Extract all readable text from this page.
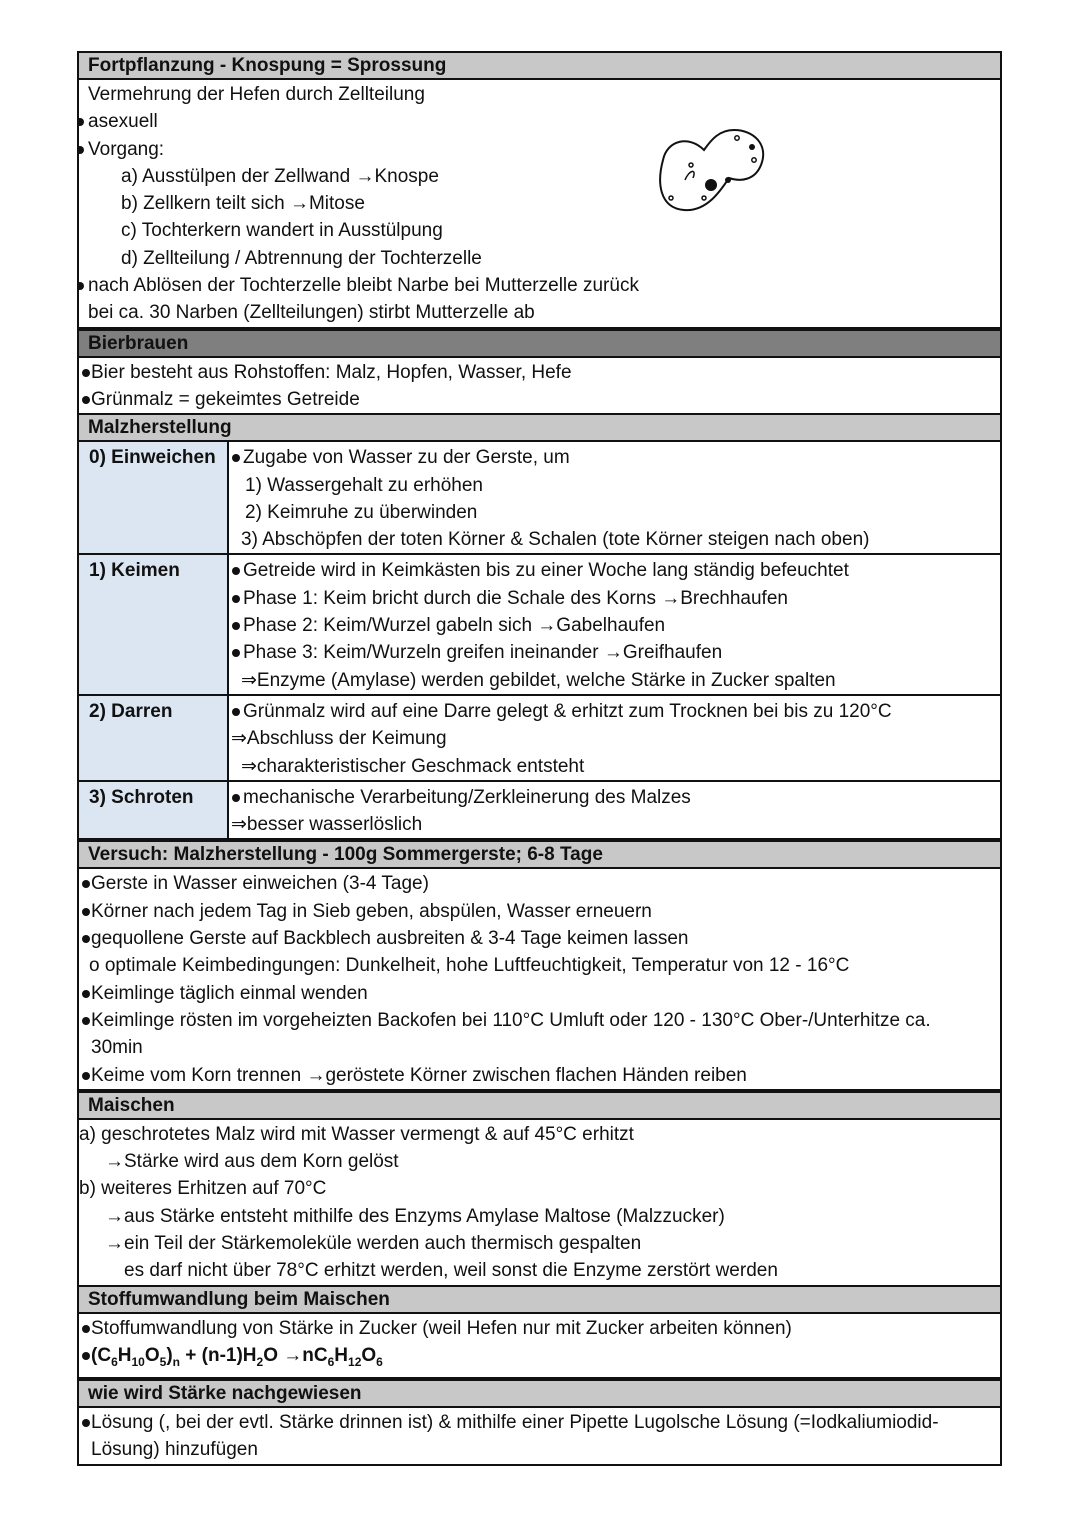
Fortpflanzung - Knospung = Sprossung
Vermehrung der Hefen durch Zellteilung
asexuell
Vorgang:
a) Ausstülpen der Zellwand →Knospe
b) Zellkern teilt sich →Mitose
c) Tochterkern wandert in Ausstülpung
d) Zellteilung / Abtrennung der Tochterzelle
nach Ablösen der Tochterzelle bleibt Narbe bei Mutterzelle zurück
bei ca. 30 Narben (Zellteilungen) stirbt Mutterzelle ab
Bierbrauen
Bier besteht aus Rohstoffen: Malz, Hopfen, Wasser, Hefe
Grünmalz = gekeimtes Getreide
Malzherstellung
0) Einweichen	Zugabe von Wasser zu der Gerste, um
1) Wassergehalt zu erhöhen
2) Keimruhe zu überwinden
3) Abschöpfen der toten Körner & Schalen (tote Körner steigen nach oben)
1) Keimen	Getreide wird in Keimkästen bis zu einer Woche lang ständig befeuchtet
Phase 1: Keim bricht durch die Schale des Korns →Brechhaufen
Phase 2: Keim/Wurzel gabeln sich →Gabelhaufen
Phase 3: Keim/Wurzeln greifen ineinander →Greifhaufen
⇒Enzyme (Amylase) werden gebildet, welche Stärke in Zucker spalten
2) Darren	Grünmalz wird auf eine Darre gelegt & erhitzt zum Trocknen bei bis zu 120°C
⇒Abschluss der Keimung
⇒charakteristischer Geschmack entsteht
3) Schroten	mechanische Verarbeitung/Zerkleinerung des Malzes
⇒besser wasserlöslich
Versuch: Malzherstellung - 100g Sommergerste; 6-8 Tage
Gerste in Wasser einweichen (3-4 Tage)
Körner nach jedem Tag in Sieb geben, abspülen, Wasser erneuern
gequollene Gerste auf Backblech ausbreiten & 3-4 Tage keimen lassen
o optimale Keimbedingungen: Dunkelheit, hohe Luftfeuchtigkeit, Temperatur von 12 - 16°C
Keimlinge täglich einmal wenden
Keimlinge rösten im vorgeheizten Backofen bei 110°C Umluft oder 120 - 130°C Ober-/Unterhitze ca.
30min
Keime vom Korn trennen →geröstete Körner zwischen flachen Händen reiben
Maischen
a) geschrotetes Malz wird mit Wasser vermengt & auf 45°C erhitzt
→Stärke wird aus dem Korn gelöst
b) weiteres Erhitzen auf 70°C
→aus Stärke entsteht mithilfe des Enzyms Amylase Maltose (Malzzucker)
→ein Teil der Stärkemoleküle werden auch thermisch gespalten
es darf nicht über 78°C erhitzt werden, weil sonst die Enzyme zerstört werden
Stoffumwandlung beim Maischen
Stoffumwandlung von Stärke in Zucker (weil Hefen nur mit Zucker arbeiten können)
$(C_6H_{10}O_5)_n + (n-1)H_2O \to nC_6H_{12}O_6$
wie wird Stärke nachgewiesen
Lösung (, bei der evtl. Stärke drinnen ist) & mithilfe einer Pipette Lugolsche Lösung (=Iodkaliumiodid-
Lösung) hinzufügen
